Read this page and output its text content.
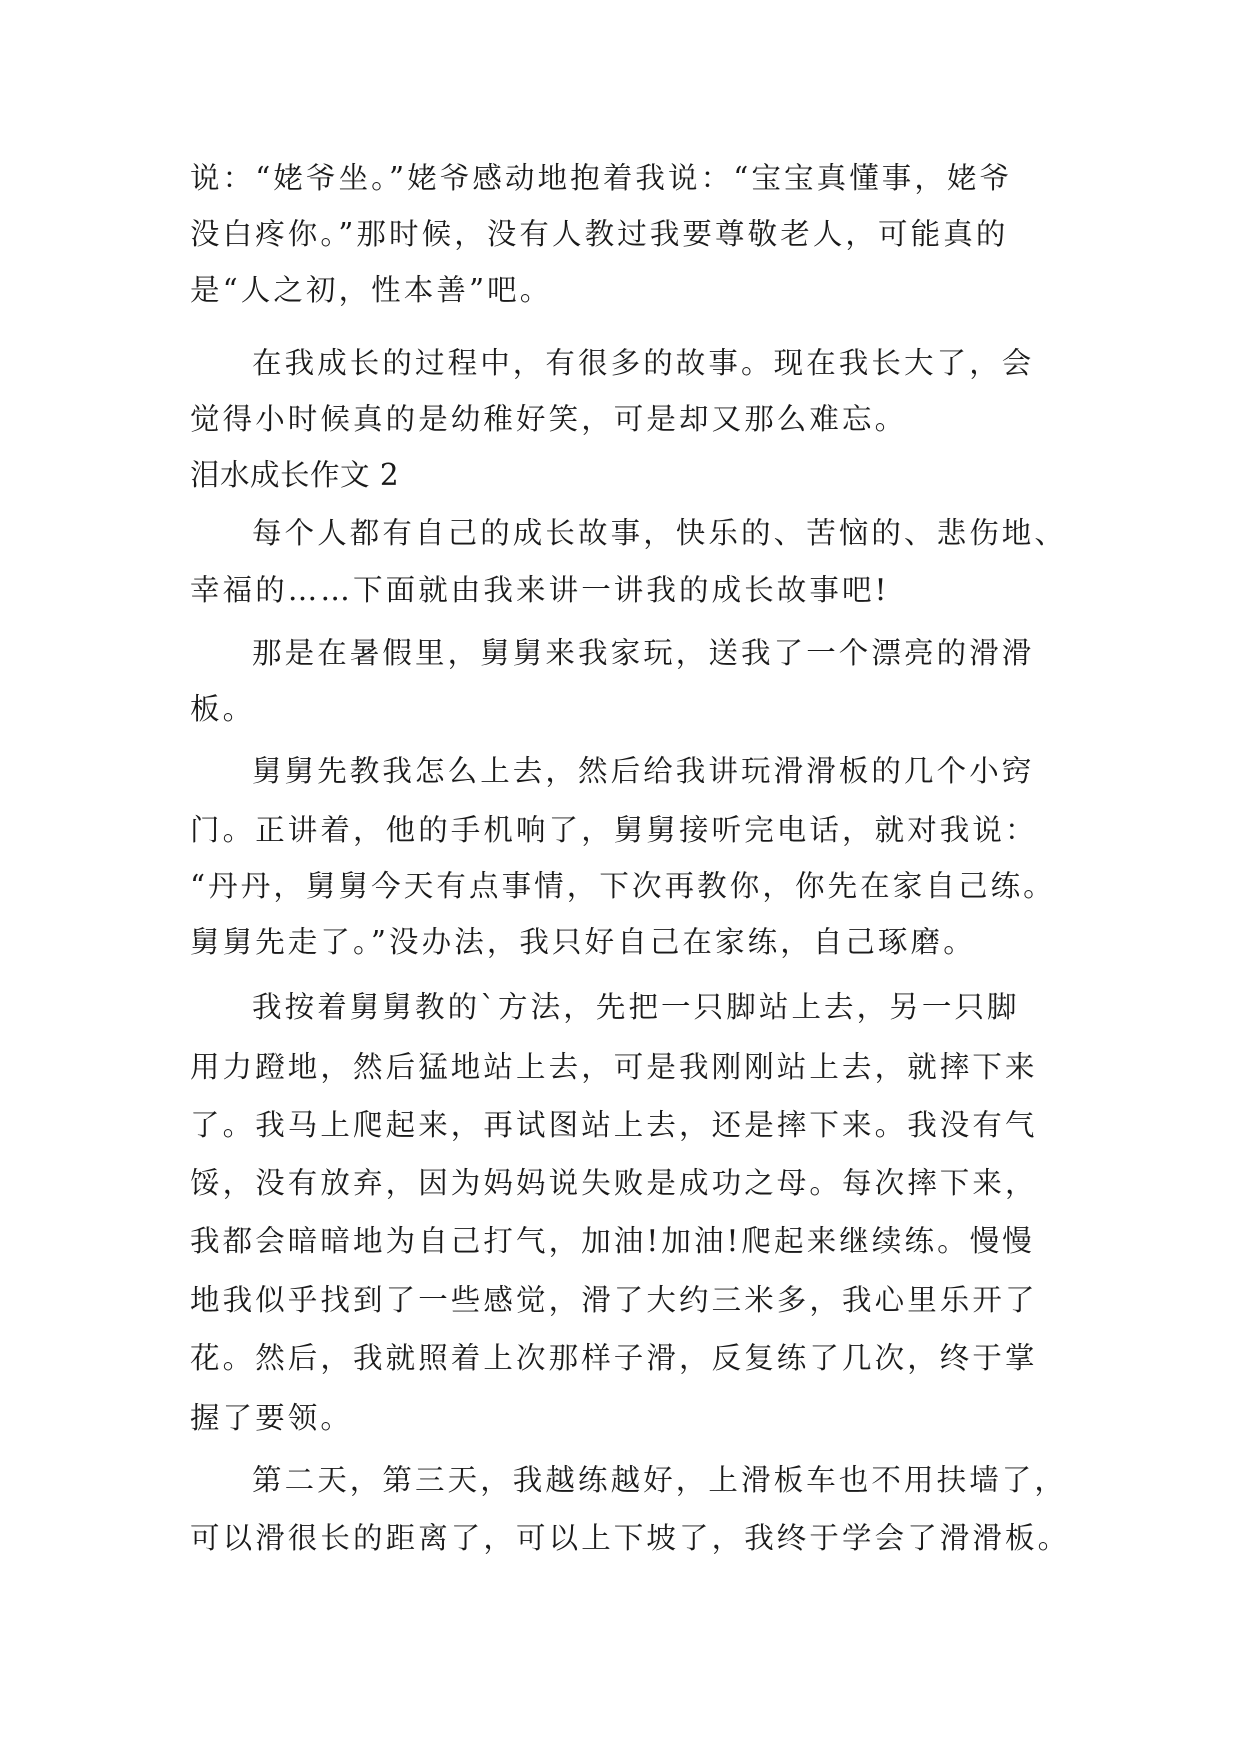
说：“姥爷坐。”姥爷感动地抱着我说：“宝宝真懂事，姥爷
没白疼你。”那时候，没有人教过我要尊敬老人，可能真的
是“人之初，性本善”吧。
在我成长的过程中，有很多的故事。现在我长大了，会
觉得小时候真的是幼稚好笑，可是却又那么难忘。
泪水成长作文 2
每个人都有自己的成长故事，快乐的、苦恼的、悲伤地、
幸福的……下面就由我来讲一讲我的成长故事吧!
那是在暑假里，舅舅来我家玩，送我了一个漂亮的滑滑
板。
舅舅先教我怎么上去，然后给我讲玩滑滑板的几个小窍
门。正讲着，他的手机响了，舅舅接听完电话，就对我说：
“丹丹，舅舅今天有点事情，下次再教你，你先在家自己练。
舅舅先走了。”没办法，我只好自己在家练，自己琢磨。
我按着舅舅教的`方法，先把一只脚站上去，另一只脚
用力蹬地，然后猛地站上去，可是我刚刚站上去，就摔下来
了。我马上爬起来，再试图站上去，还是摔下来。我没有气
馁，没有放弃，因为妈妈说失败是成功之母。每次摔下来，
我都会暗暗地为自己打气，加油!加油!爬起来继续练。慢慢
地我似乎找到了一些感觉，滑了大约三米多，我心里乐开了
花。然后，我就照着上次那样子滑，反复练了几次，终于掌
握了要领。
第二天，第三天，我越练越好，上滑板车也不用扶墙了，
可以滑很长的距离了，可以上下坡了，我终于学会了滑滑板。
